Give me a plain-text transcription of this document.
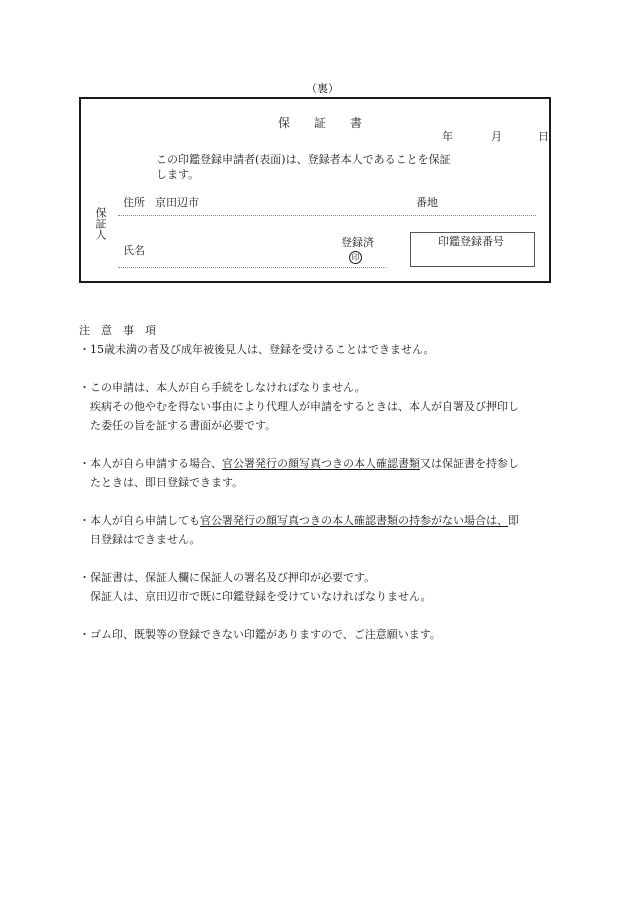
（裏）
保　　証　　書
年	月	日
この印鑑登録申請者(表面)は、登録者本人であることを保証
します。
保証人
住所 京田辺市	番地
氏名
登録済
印
印鑑登録番号
注　意　事　項
・15歳未満の者及び成年被後見人は、登録を受けることはできません。
・この申請は、本人が自ら手続をしなければなりません。
疾病その他やむを得ない事由により代理人が申請をするときは、本人が自署及び押印し
た委任の旨を証する書面が必要です。
・本人が自ら申請する場合、官公署発行の顔写真つきの本人確認書類又は保証書を持参し
たときは、即日登録できます。
・本人が自ら申請しても官公署発行の顔写真つきの本人確認書類の持参がない場合は、即
日登録はできません。
・保証書は、保証人欄に保証人の署名及び押印が必要です。
保証人は、京田辺市で既に印鑑登録を受けていなければなりません。
・ゴム印、既製等の登録できない印鑑がありますので、ご注意願います。
